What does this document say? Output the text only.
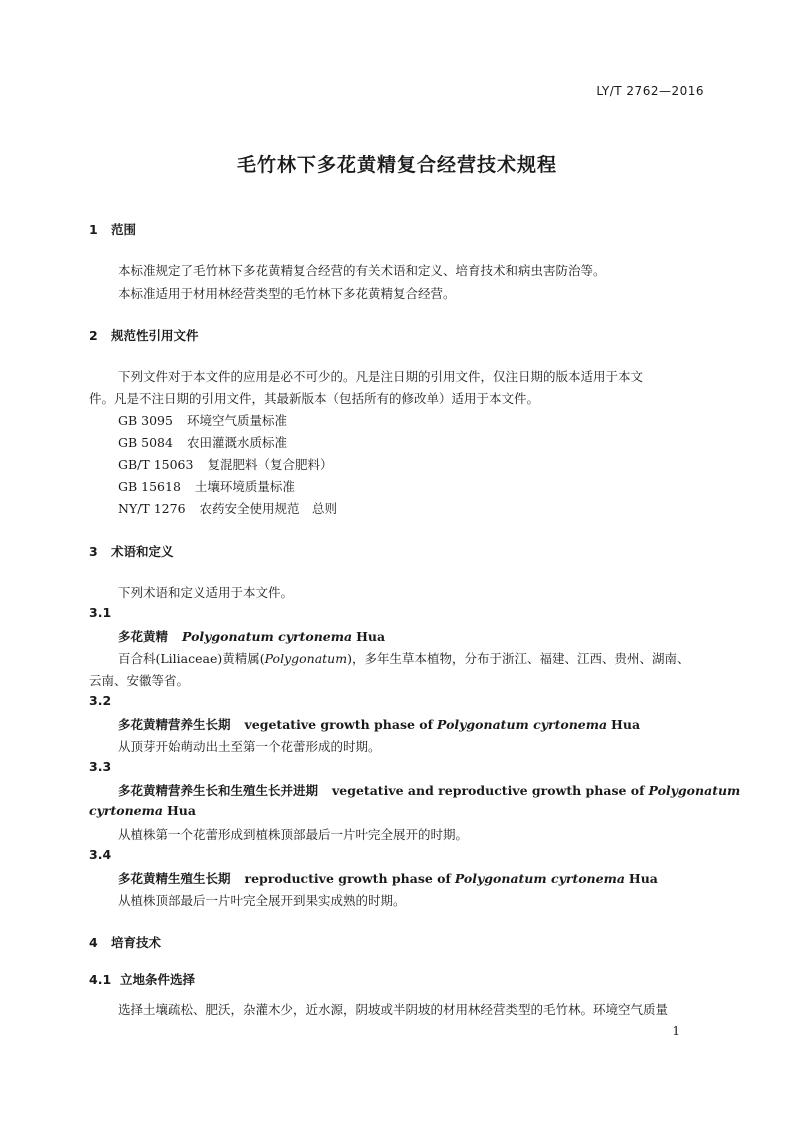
LY/T 2762—2016
毛竹林下多花黄精复合经营技术规程
1 范围
本标准规定了毛竹林下多花黄精复合经营的有关术语和定义、培育技术和病虫害防治等。
本标准适用于材用林经营类型的毛竹林下多花黄精复合经营。
2 规范性引用文件
下列文件对于本文件的应用是必不可少的。凡是注日期的引用文件，仅注日期的版本适用于本文
件。凡是不注日期的引用文件，其最新版本（包括所有的修改单）适用于本文件。
GB 3095 环境空气质量标准
GB 5084 农田灌溉水质标准
GB/T 15063 复混肥料（复合肥料）
GB 15618 土壤环境质量标准
NY/T 1276 农药安全使用规范　总则
3 术语和定义
下列术语和定义适用于本文件。
3.1
多花黄精 Polygonatum cyrtonema Hua
百合科(Liliaceae)黄精属(Polygonatum)，多年生草本植物，分布于浙江、福建、江西、贵州、湖南、
云南、安徽等省。
3.2
多花黄精营养生长期 vegetative growth phase of Polygonatum cyrtonema Hua
从顶芽开始萌动出土至第一个花蕾形成的时期。
3.3
多花黄精营养生长和生殖生长并进期 vegetative and reproductive growth phase of Polygonatum
cyrtonema Hua
从植株第一个花蕾形成到植株顶部最后一片叶完全展开的时期。
3.4
多花黄精生殖生长期 reproductive growth phase of Polygonatum cyrtonema Hua
从植株顶部最后一片叶完全展开到果实成熟的时期。
4 培育技术
4.1 立地条件选择
选择土壤疏松、肥沃，杂灌木少，近水源，阴坡或半阴坡的材用林经营类型的毛竹林。环境空气质量
1
